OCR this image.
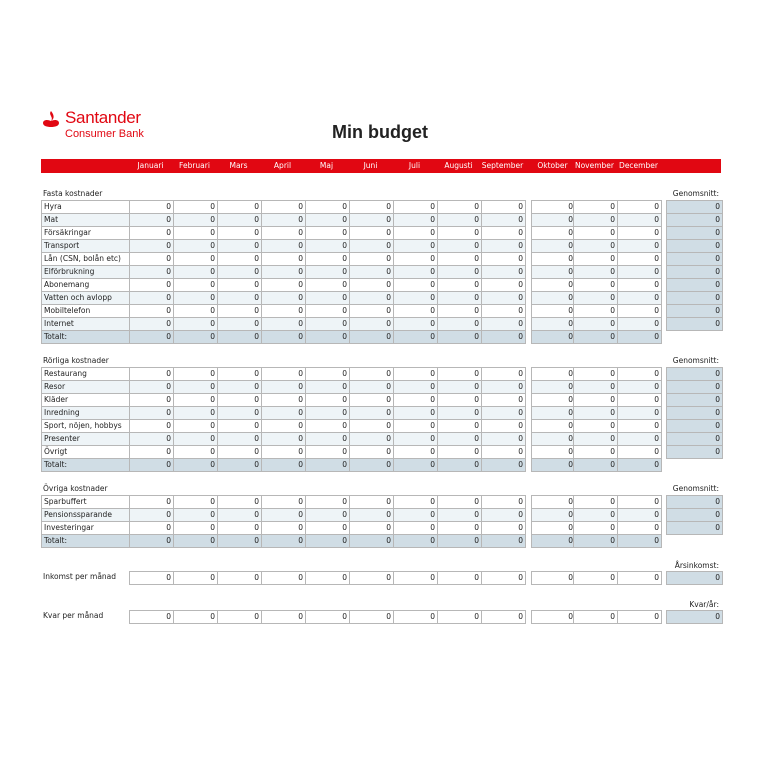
Santander
Consumer Bank	Min budget
Januari	Februari	Mars	April	Maj	Juni	Juli	Augusti	September	Oktober November December
Fasta kostnader	Genomsnitt:
Hyra	0	0	0	0	0	0	0	0	0	0	0	0	0
Mat	0	0	0	0	0	0	0	0	0	0	0	0	0
Försäkringar	0	0	0	0	0	0	0	0	0	0	0	0	0
Transport	0	0	0	0	0	0	0	0	0	0	0	0	0
Lån (CSN, bolån etc)	0	0	0	0	0	0	0	0	0	0	0	0	0
Elförbrukning	0	0	0	0	0	0	0	0	0	0	0	0	0
Abonemang	0	0	0	0	0	0	0	0	0	0	0	0	0
Vatten och avlopp	0	0	0	0	0	0	0	0	0	0	0	0	0
Mobiltelefon	0	0	0	0	0	0	0	0	0	0	0	0	0
Internet	0	0	0	0	0	0	0	0	0	0	0	0	0
Totalt:	0	0	0	0	0	0	0	0	0	0	0	0
Rörliga kostnader	Genomsnitt:
Restaurang	0	0	0	0	0	0	0	0	0	0	0	0	0
Resor	0	0	0	0	0	0	0	0	0	0	0	0	0
Kläder	0	0	0	0	0	0	0	0	0	0	0	0	0
Inredning	0	0	0	0	0	0	0	0	0	0	0	0	0
Sport, nöjen, hobbys	0	0	0	0	0	0	0	0	0	0	0	0	0
Presenter	0	0	0	0	0	0	0	0	0	0	0	0	0
Övrigt	0	0	0	0	0	0	0	0	0	0	0	0	0
Totalt:	0	0	0	0	0	0	0	0	0	0	0	0
Övriga kostnader	Genomsnitt:
Sparbuffert	0	0	0	0	0	0	0	0	0	0	0	0	0
Pensionssparande	0	0	0	0	0	0	0	0	0	0	0	0	0
Investeringar	0	0	0	0	0	0	0	0	0	0	0	0	0
Totalt:	0	0	0	0	0	0	0	0	0	0	0	0
Årsinkomst:
Inkomst per månad	0	0	0	0	0	0	0	0	0	0	0	0	0
Kvar/år:
Kvar per månad	0	0	0	0	0	0	0	0	0	0	0	0	0
